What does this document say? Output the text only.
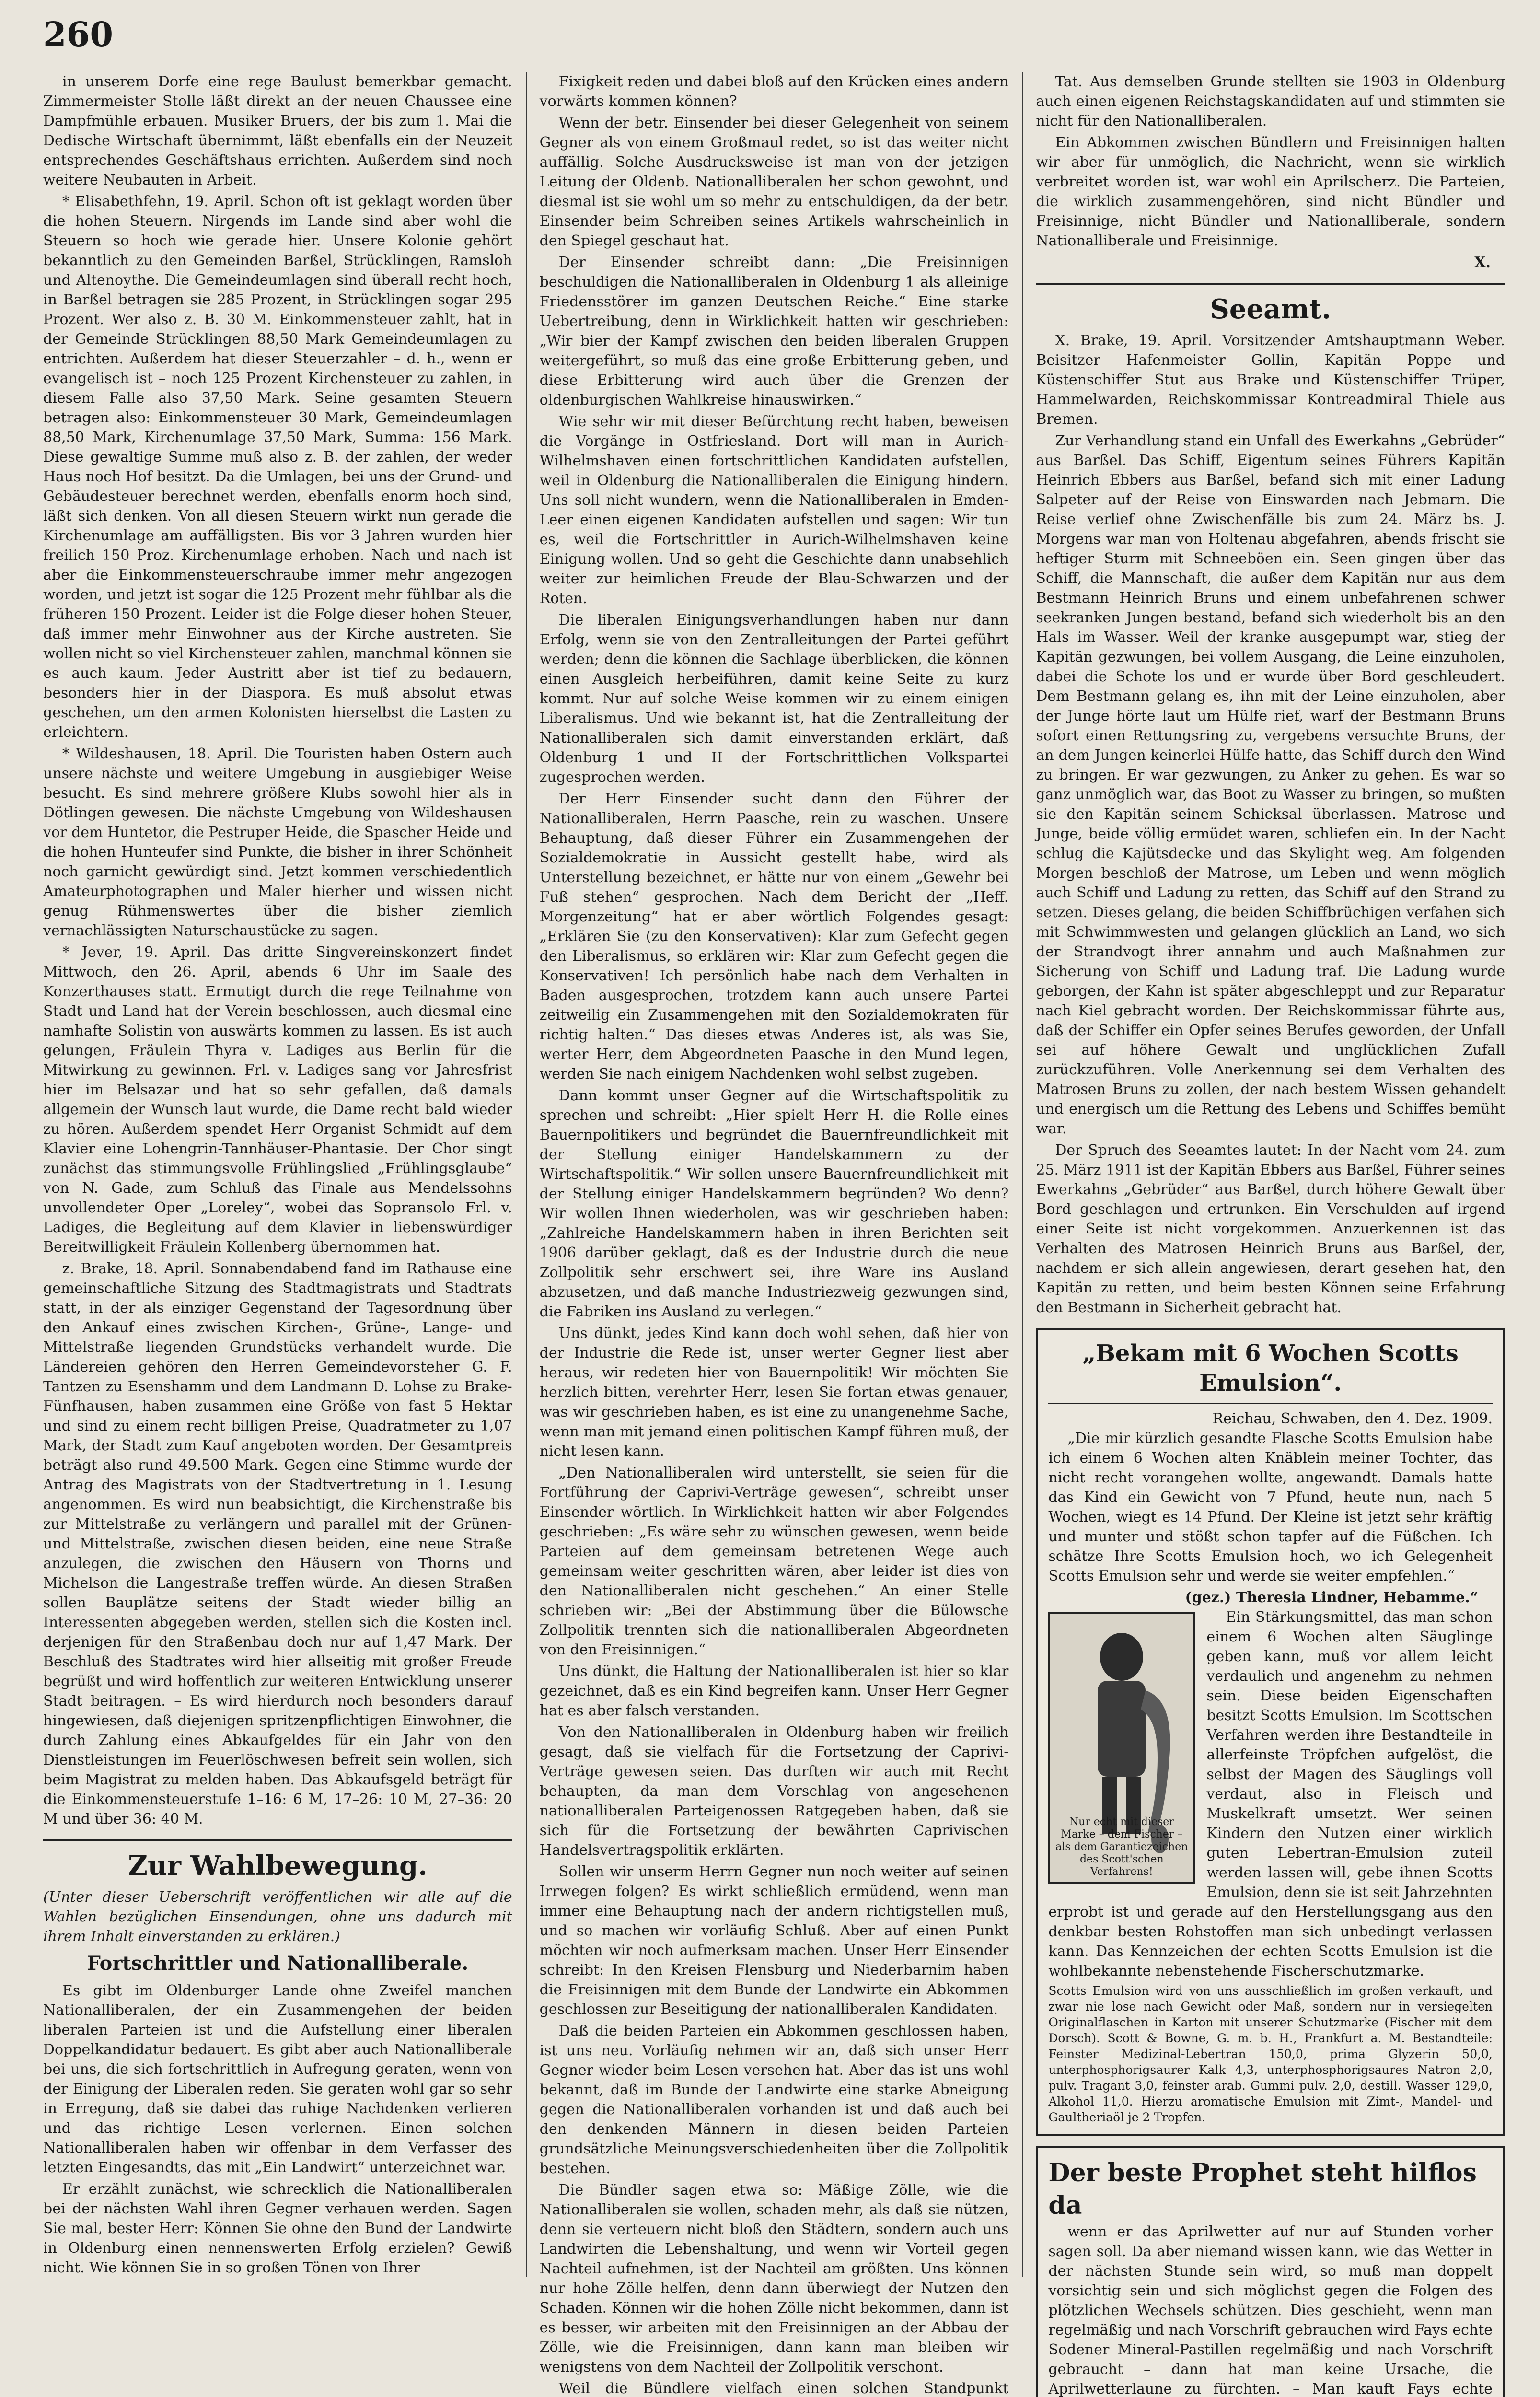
260

in unserem Dorfe eine rege Baulust bemerkbar gemacht. Zimmermeister Stolle läßt direkt an der neuen Chaussee eine Dampfmühle erbauen. Musiker Bruers, der bis zum 1. Mai die Dedische Wirtschaft übernimmt, läßt ebenfalls ein der Neuzeit entsprechendes Geschäftshaus errichten. Außerdem sind noch weitere Neubauten in Arbeit.

* Elisabethfehn, 19. April. Schon oft ist geklagt worden über die hohen Steuern. Nirgends im Lande sind aber wohl die Steuern so hoch wie gerade hier. Unsere Kolonie gehört bekanntlich zu den Gemeinden Barßel, Strücklingen, Ramsloh und Altenoythe. Die Gemeindeumlagen sind überall recht hoch, in Barßel betragen sie 285 Prozent, in Strücklingen sogar 295 Prozent. Wer also z. B. 30 M. Einkommensteuer zahlt, hat in der Gemeinde Strücklingen 88,50 Mark Gemeindeumlagen zu entrichten. Außerdem hat dieser Steuerzahler – d. h., wenn er evangelisch ist – noch 125 Prozent Kirchensteuer zu zahlen, in diesem Falle also 37,50 Mark. Seine gesamten Steuern betragen also: Einkommensteuer 30 Mark, Gemeindeumlagen 88,50 Mark, Kirchenumlage 37,50 Mark, Summa: 156 Mark. Diese gewaltige Summe muß also z. B. der zahlen, der weder Haus noch Hof besitzt. Da die Umlagen, bei uns der Grund- und Gebäudesteuer berechnet werden, ebenfalls enorm hoch sind, läßt sich denken. Von all diesen Steuern wirkt nun gerade die Kirchenumlage am auffälligsten. Bis vor 3 Jahren wurden hier freilich 150 Proz. Kirchenumlage erhoben. Nach und nach ist aber die Einkommensteuerschraube immer mehr angezogen worden, und jetzt ist sogar die 125 Prozent mehr fühlbar als die früheren 150 Prozent. Leider ist die Folge dieser hohen Steuer, daß immer mehr Einwohner aus der Kirche austreten. Sie wollen nicht so viel Kirchensteuer zahlen, manchmal können sie es auch kaum. Jeder Austritt aber ist tief zu bedauern, besonders hier in der Diaspora. Es muß absolut etwas geschehen, um den armen Kolonisten hierselbst die Lasten zu erleichtern.

* Wildeshausen, 18. April. Die Touristen haben Ostern auch unsere nächste und weitere Umgebung in ausgiebiger Weise besucht. Es sind mehrere größere Klubs sowohl hier als in Dötlingen gewesen. Die nächste Umgebung von Wildeshausen vor dem Huntetor, die Pestruper Heide, die Spascher Heide und die hohen Hunteufer sind Punkte, die bisher in ihrer Schönheit noch garnicht gewürdigt sind. Jetzt kommen verschiedentlich Amateurphotographen und Maler hierher und wissen nicht genug Rühmenswertes über die bisher ziemlich vernachlässigten Naturschaustücke zu sagen.

* Jever, 19. April. Das dritte Singvereinskonzert findet Mittwoch, den 26. April, abends 6 Uhr im Saale des Konzerthauses statt. Ermutigt durch die rege Teilnahme von Stadt und Land hat der Verein beschlossen, auch diesmal eine namhafte Solistin von auswärts kommen zu lassen. Es ist auch gelungen, Fräulein Thyra v. Ladiges aus Berlin für die Mitwirkung zu gewinnen. Frl. v. Ladiges sang vor Jahresfrist hier im Belsazar und hat so sehr gefallen, daß damals allgemein der Wunsch laut wurde, die Dame recht bald wieder zu hören. Außerdem spendet Herr Organist Schmidt auf dem Klavier eine Lohengrin-Tannhäuser-Phantasie. Der Chor singt zunächst das stimmungsvolle Frühlingslied „Frühlingsglaube“ von N. Gade, zum Schluß das Finale aus Mendelssohns unvollendeter Oper „Loreley“, wobei das Sopransolo Frl. v. Ladiges, die Begleitung auf dem Klavier in liebenswürdiger Bereitwilligkeit Fräulein Kollenberg übernommen hat.

z. Brake, 18. April. Sonnabendabend fand im Rathause eine gemeinschaftliche Sitzung des Stadtmagistrats und Stadtrats statt, in der als einziger Gegenstand der Tagesordnung über den Ankauf eines zwischen Kirchen-, Grüne-, Lange- und Mittelstraße liegenden Grundstücks verhandelt wurde. Die Ländereien gehören den Herren Gemeindevorsteher G. F. Tantzen zu Esenshamm und dem Landmann D. Lohse zu Brake-Fünfhausen, haben zusammen eine Größe von fast 5 Hektar und sind zu einem recht billigen Preise, Quadratmeter zu 1,07 Mark, der Stadt zum Kauf angeboten worden. Der Gesamtpreis beträgt also rund 49.500 Mark. Gegen eine Stimme wurde der Antrag des Magistrats von der Stadtvertretung in 1. Lesung angenommen. Es wird nun beabsichtigt, die Kirchenstraße bis zur Mittelstraße zu verlängern und parallel mit der Grünen- und Mittelstraße, zwischen diesen beiden, eine neue Straße anzulegen, die zwischen den Häusern von Thorns und Michelson die Langestraße treffen würde. An diesen Straßen sollen Bauplätze seitens der Stadt wieder billig an Interessenten abgegeben werden, stellen sich die Kosten incl. derjenigen für den Straßenbau doch nur auf 1,47 Mark. Der Beschluß des Stadtrates wird hier allseitig mit großer Freude begrüßt und wird hoffentlich zur weiteren Entwicklung unserer Stadt beitragen. – Es wird hierdurch noch besonders darauf hingewiesen, daß diejenigen spritzenpflichtigen Einwohner, die durch Zahlung eines Abkaufgeldes für ein Jahr von den Dienstleistungen im Feuerlöschwesen befreit sein wollen, sich beim Magistrat zu melden haben. Das Abkaufsgeld beträgt für die Einkommensteuerstufe 1–16: 6 M, 17–26: 10 M, 27–36: 20 M und über 36: 40 M.

Zur Wahlbewegung.

(Unter dieser Ueberschrift veröffentlichen wir alle auf die Wahlen bezüglichen Einsendungen, ohne uns dadurch mit ihrem Inhalt einverstanden zu erklären.)

Fortschrittler und Nationalliberale.

Es gibt im Oldenburger Lande ohne Zweifel manchen Nationalliberalen, der ein Zusammengehen der beiden liberalen Parteien ist und die Aufstellung einer liberalen Doppelkandidatur bedauert. Es gibt aber auch Nationalliberale bei uns, die sich fortschrittlich in Aufregung geraten, wenn von der Einigung der Liberalen reden. Sie geraten wohl gar so sehr in Erregung, daß sie dabei das ruhige Nachdenken verlieren und das richtige Lesen verlernen. Einen solchen Nationalliberalen haben wir offenbar in dem Verfasser des letzten Eingesandts, das mit „Ein Landwirt“ unterzeichnet war.

Er erzählt zunächst, wie schrecklich die Nationalliberalen bei der nächsten Wahl ihren Gegner verhauen werden. Sagen Sie mal, bester Herr: Können Sie ohne den Bund der Landwirte in Oldenburg einen nennenswerten Erfolg erzielen? Gewiß nicht. Wie können Sie in so großen Tönen von Ihrer

Fixigkeit reden und dabei bloß auf den Krücken eines andern vorwärts kommen können?

Wenn der betr. Einsender bei dieser Gelegenheit von seinem Gegner als von einem Großmaul redet, so ist das weiter nicht auffällig. Solche Ausdrucksweise ist man von der jetzigen Leitung der Oldenb. Nationalliberalen her schon gewohnt, und diesmal ist sie wohl um so mehr zu entschuldigen, da der betr. Einsender beim Schreiben seines Artikels wahrscheinlich in den Spiegel geschaut hat.

Der Einsender schreibt dann: „Die Freisinnigen beschuldigen die Nationalliberalen in Oldenburg 1 als alleinige Friedensstörer im ganzen Deutschen Reiche.“ Eine starke Uebertreibung, denn in Wirklichkeit hatten wir geschrieben: „Wir bier der Kampf zwischen den beiden liberalen Gruppen weitergeführt, so muß das eine große Erbitterung geben, und diese Erbitterung wird auch über die Grenzen der oldenburgischen Wahlkreise hinauswirken.“

Wie sehr wir mit dieser Befürchtung recht haben, beweisen die Vorgänge in Ostfriesland. Dort will man in Aurich-Wilhelmshaven einen fortschrittlichen Kandidaten aufstellen, weil in Oldenburg die Nationalliberalen die Einigung hindern. Uns soll nicht wundern, wenn die Nationalliberalen in Emden-Leer einen eigenen Kandidaten aufstellen und sagen: Wir tun es, weil die Fortschrittler in Aurich-Wilhelmshaven keine Einigung wollen. Und so geht die Geschichte dann unabsehlich weiter zur heimlichen Freude der Blau-Schwarzen und der Roten.

Die liberalen Einigungsverhandlungen haben nur dann Erfolg, wenn sie von den Zentralleitungen der Partei geführt werden; denn die können die Sachlage überblicken, die können einen Ausgleich herbeiführen, damit keine Seite zu kurz kommt. Nur auf solche Weise kommen wir zu einem einigen Liberalismus. Und wie bekannt ist, hat die Zentralleitung der Nationalliberalen sich damit einverstanden erklärt, daß Oldenburg 1 und II der Fortschrittlichen Volkspartei zugesprochen werden.

Der Herr Einsender sucht dann den Führer der Nationalliberalen, Herrn Paasche, rein zu waschen. Unsere Behauptung, daß dieser Führer ein Zusammengehen der Sozialdemokratie in Aussicht gestellt habe, wird als Unterstellung bezeichnet, er hätte nur von einem „Gewehr bei Fuß stehen“ gesprochen. Nach dem Bericht der „Heff. Morgenzeitung“ hat er aber wörtlich Folgendes gesagt: „Erklären Sie (zu den Konservativen): Klar zum Gefecht gegen den Liberalismus, so erklären wir: Klar zum Gefecht gegen die Konservativen! Ich persönlich habe nach dem Verhalten in Baden ausgesprochen, trotzdem kann auch unsere Partei zeitweilig ein Zusammengehen mit den Sozialdemokraten für richtig halten.“ Das dieses etwas Anderes ist, als was Sie, werter Herr, dem Abgeordneten Paasche in den Mund legen, werden Sie nach einigem Nachdenken wohl selbst zugeben.

Dann kommt unser Gegner auf die Wirtschaftspolitik zu sprechen und schreibt: „Hier spielt Herr H. die Rolle eines Bauernpolitikers und begründet die Bauernfreundlichkeit mit der Stellung einiger Handelskammern zu der Wirtschaftspolitik.“ Wir sollen unsere Bauernfreundlichkeit mit der Stellung einiger Handelskammern begründen? Wo denn? Wir wollen Ihnen wiederholen, was wir geschrieben haben: „Zahlreiche Handelskammern haben in ihren Berichten seit 1906 darüber geklagt, daß es der Industrie durch die neue Zollpolitik sehr erschwert sei, ihre Ware ins Ausland abzusetzen, und daß manche Industriezweig gezwungen sind, die Fabriken ins Ausland zu verlegen.“

Uns dünkt, jedes Kind kann doch wohl sehen, daß hier von der Industrie die Rede ist, unser werter Gegner liest aber heraus, wir redeten hier von Bauernpolitik! Wir möchten Sie herzlich bitten, verehrter Herr, lesen Sie fortan etwas genauer, was wir geschrieben haben, es ist eine zu unangenehme Sache, wenn man mit jemand einen politischen Kampf führen muß, der nicht lesen kann.

„Den Nationalliberalen wird unterstellt, sie seien für die Fortführung der Caprivi-Verträge gewesen“, schreibt unser Einsender wörtlich. In Wirklichkeit hatten wir aber Folgendes geschrieben: „Es wäre sehr zu wünschen gewesen, wenn beide Parteien auf dem gemeinsam betretenen Wege auch gemeinsam weiter geschritten wären, aber leider ist dies von den Nationalliberalen nicht geschehen.“ An einer Stelle schrieben wir: „Bei der Abstimmung über die Bülowsche Zollpolitik trennten sich die nationalliberalen Abgeordneten von den Freisinnigen.“

Uns dünkt, die Haltung der Nationalliberalen ist hier so klar gezeichnet, daß es ein Kind begreifen kann. Unser Herr Gegner hat es aber falsch verstanden.

Von den Nationalliberalen in Oldenburg haben wir freilich gesagt, daß sie vielfach für die Fortsetzung der Caprivi-Verträge gewesen seien. Das durften wir auch mit Recht behaupten, da man dem Vorschlag von angesehenen nationalliberalen Parteigenossen Ratgegeben haben, daß sie sich für die Fortsetzung der bewährten Caprivischen Handelsvertragspolitik erklärten.

Sollen wir unserm Herrn Gegner nun noch weiter auf seinen Irrwegen folgen? Es wirkt schließlich ermüdend, wenn man immer eine Behauptung nach der andern richtigstellen muß, und so machen wir vorläufig Schluß. Aber auf einen Punkt möchten wir noch aufmerksam machen. Unser Herr Einsender schreibt: In den Kreisen Flensburg und Niederbarnim haben die Freisinnigen mit dem Bunde der Landwirte ein Abkommen geschlossen zur Beseitigung der nationalliberalen Kandidaten.

Daß die beiden Parteien ein Abkommen geschlossen haben, ist uns neu. Vorläufig nehmen wir an, daß sich unser Herr Gegner wieder beim Lesen versehen hat. Aber das ist uns wohl bekannt, daß im Bunde der Landwirte eine starke Abneigung gegen die Nationalliberalen vorhanden ist und daß auch bei den denkenden Männern in diesen beiden Parteien grundsätzliche Meinungsverschiedenheiten über die Zollpolitik bestehen.

Die Bündler sagen etwa so: Mäßige Zölle, wie die Nationalliberalen sie wollen, schaden mehr, als daß sie nützen, denn sie verteuern nicht bloß den Städtern, sondern auch uns Landwirten die Lebenshaltung, und wenn wir Vorteil gegen Nachteil aufnehmen, ist der Nachteil am größten. Uns können nur hohe Zölle helfen, denn dann überwiegt der Nutzen den Schaden. Können wir die hohen Zölle nicht bekommen, dann ist es besser, wir arbeiten mit den Freisinnigen an der Abbau der Zölle, wie die Freisinnigen, dann kann man bleiben wir wenigstens von dem Nachteil der Zollpolitik verschont.

Weil die Bündlere vielfach einen solchen Standpunkt

Tat. Aus demselben Grunde stellten sie 1903 in Oldenburg auch einen eigenen Reichstagskandidaten auf und stimmten sie nicht für den Nationalliberalen.

Ein Abkommen zwischen Bündlern und Freisinnigen halten wir aber für unmöglich, die Nachricht, wenn sie wirklich verbreitet worden ist, war wohl ein Aprilscherz. Die Parteien, die wirklich zusammengehören, sind nicht Bündler und Freisinnige, nicht Bündler und Nationalliberale, sondern Nationalliberale und Freisinnige.

X.
Seeamt.

X. Brake, 19. April. Vorsitzender Amtshauptmann Weber. Beisitzer Hafenmeister Gollin, Kapitän Poppe und Küstenschiffer Stut aus Brake und Küstenschiffer Trüper, Hammelwarden, Reichskommissar Kontreadmiral Thiele aus Bremen.

Zur Verhandlung stand ein Unfall des Ewerkahns „Gebrüder“ aus Barßel. Das Schiff, Eigentum seines Führers Kapitän Heinrich Ebbers aus Barßel, befand sich mit einer Ladung Salpeter auf der Reise von Einswarden nach Jebmarn. Die Reise verlief ohne Zwischenfälle bis zum 24. März bs. J. Morgens war man von Holtenau abgefahren, abends frischt sie heftiger Sturm mit Schneeböen ein. Seen gingen über das Schiff, die Mannschaft, die außer dem Kapitän nur aus dem Bestmann Heinrich Bruns und einem unbefahrenen schwer seekranken Jungen bestand, befand sich wiederholt bis an den Hals im Wasser. Weil der kranke ausgepumpt war, stieg der Kapitän gezwungen, bei vollem Ausgang, die Leine einzuholen, dabei die Schote los und er wurde über Bord geschleudert. Dem Bestmann gelang es, ihn mit der Leine einzuholen, aber der Junge hörte laut um Hülfe rief, warf der Bestmann Bruns sofort einen Rettungsring zu, vergebens versuchte Bruns, der an dem Jungen keinerlei Hülfe hatte, das Schiff durch den Wind zu bringen. Er war gezwungen, zu Anker zu gehen. Es war so ganz unmöglich war, das Boot zu Wasser zu bringen, so mußten sie den Kapitän seinem Schicksal überlassen. Matrose und Junge, beide völlig ermüdet waren, schliefen ein. In der Nacht schlug die Kajütsdecke und das Skylight weg. Am folgenden Morgen beschloß der Matrose, um Leben und wenn möglich auch Schiff und Ladung zu retten, das Schiff auf den Strand zu setzen. Dieses gelang, die beiden Schiffbrüchigen verfahen sich mit Schwimmwesten und gelangen glücklich an Land, wo sich der Strandvogt ihrer annahm und auch Maßnahmen zur Sicherung von Schiff und Ladung traf. Die Ladung wurde geborgen, der Kahn ist später abgeschleppt und zur Reparatur nach Kiel gebracht worden. Der Reichskommissar führte aus, daß der Schiffer ein Opfer seines Berufes geworden, der Unfall sei auf höhere Gewalt und unglücklichen Zufall zurückzuführen. Volle Anerkennung sei dem Verhalten des Matrosen Bruns zu zollen, der nach bestem Wissen gehandelt und energisch um die Rettung des Lebens und Schiffes bemüht war.

Der Spruch des Seeamtes lautet: In der Nacht vom 24. zum 25. März 1911 ist der Kapitän Ebbers aus Barßel, Führer seines Ewerkahns „Gebrüder“ aus Barßel, durch höhere Gewalt über Bord geschlagen und ertrunken. Ein Verschulden auf irgend einer Seite ist nicht vorgekommen. Anzuerkennen ist das Verhalten des Matrosen Heinrich Bruns aus Barßel, der, nachdem er sich allein angewiesen, derart gesehen hat, den Kapitän zu retten, und beim besten Können seine Erfahrung den Bestmann in Sicherheit gebracht hat.

„Bekam mit 6 Wochen Scotts Emulsion“.
Reichau, Schwaben, den 4. Dez. 1909.

„Die mir kürzlich gesandte Flasche Scotts Emulsion habe ich einem 6 Wochen alten Knäblein meiner Tochter, das nicht recht vorangehen wollte, angewandt. Damals hatte das Kind ein Gewicht von 7 Pfund, heute nun, nach 5 Wochen, wiegt es 14 Pfund. Der Kleine ist jetzt sehr kräftig und munter und stößt schon tapfer auf die Füßchen. Ich schätze Ihre Scotts Emulsion hoch, wo ich Gelegenheit Scotts Emulsion sehr und werde sie weiter empfehlen.“

(gez.) Theresia Lindner, Hebamme.“
Nur echt mit dieser Marke – dem Fischer – als dem Garantiezeichen des Scott'schen Verfahrens!

Ein Stärkungsmittel, das man schon einem 6 Wochen alten Säuglinge geben kann, muß vor allem leicht verdaulich und angenehm zu nehmen sein. Diese beiden Eigenschaften besitzt Scotts Emulsion. Im Scottschen Verfahren werden ihre Bestandteile in allerfeinste Tröpfchen aufgelöst, die selbst der Magen des Säuglings voll verdaut, also in Fleisch und Muskelkraft umsetzt. Wer seinen Kindern den Nutzen einer wirklich guten Lebertran-Emulsion zuteil werden lassen will, gebe ihnen Scotts Emulsion, denn sie ist seit Jahrzehnten erprobt ist und gerade auf den Herstellungsgang aus den denkbar besten Rohstoffen man sich unbedingt verlassen kann. Das Kennzeichen der echten Scotts Emulsion ist die wohlbekannte nebenstehende Fischerschutzmarke.

Scotts Emulsion wird von uns ausschließlich im großen verkauft, und zwar nie lose nach Gewicht oder Maß, sondern nur in versiegelten Originalflaschen in Karton mit unserer Schutzmarke (Fischer mit dem Dorsch). Scott & Bowne, G. m. b. H., Frankfurt a. M. Bestandteile: Feinster Medizinal-Lebertran 150,0, prima Glyzerin 50,0, unterphosphorigsaurer Kalk 4,3, unterphosphorigsaures Natron 2,0, pulv. Tragant 3,0, feinster arab. Gummi pulv. 2,0, destill. Wasser 129,0, Alkohol 11,0. Hierzu aromatische Emulsion mit Zimt-, Mandel- und Gaultheriaöl je 2 Tropfen.
Der beste Prophet steht hilflos da

wenn er das Aprilwetter auf nur auf Stunden vorher sagen soll. Da aber niemand wissen kann, wie das Wetter in der nächsten Stunde sein wird, so muß man doppelt vorsichtig sein und sich möglichst gegen die Folgen des plötzlichen Wechsels schützen. Dies geschieht, wenn man regelmäßig und nach Vorschrift gebrauchen wird Fays echte Sodener Mineral-Pastillen regelmäßig und nach Vorschrift gebraucht – dann hat man keine Ursache, die Aprilwetterlaune zu fürchten. – Man kauft Fays echte
